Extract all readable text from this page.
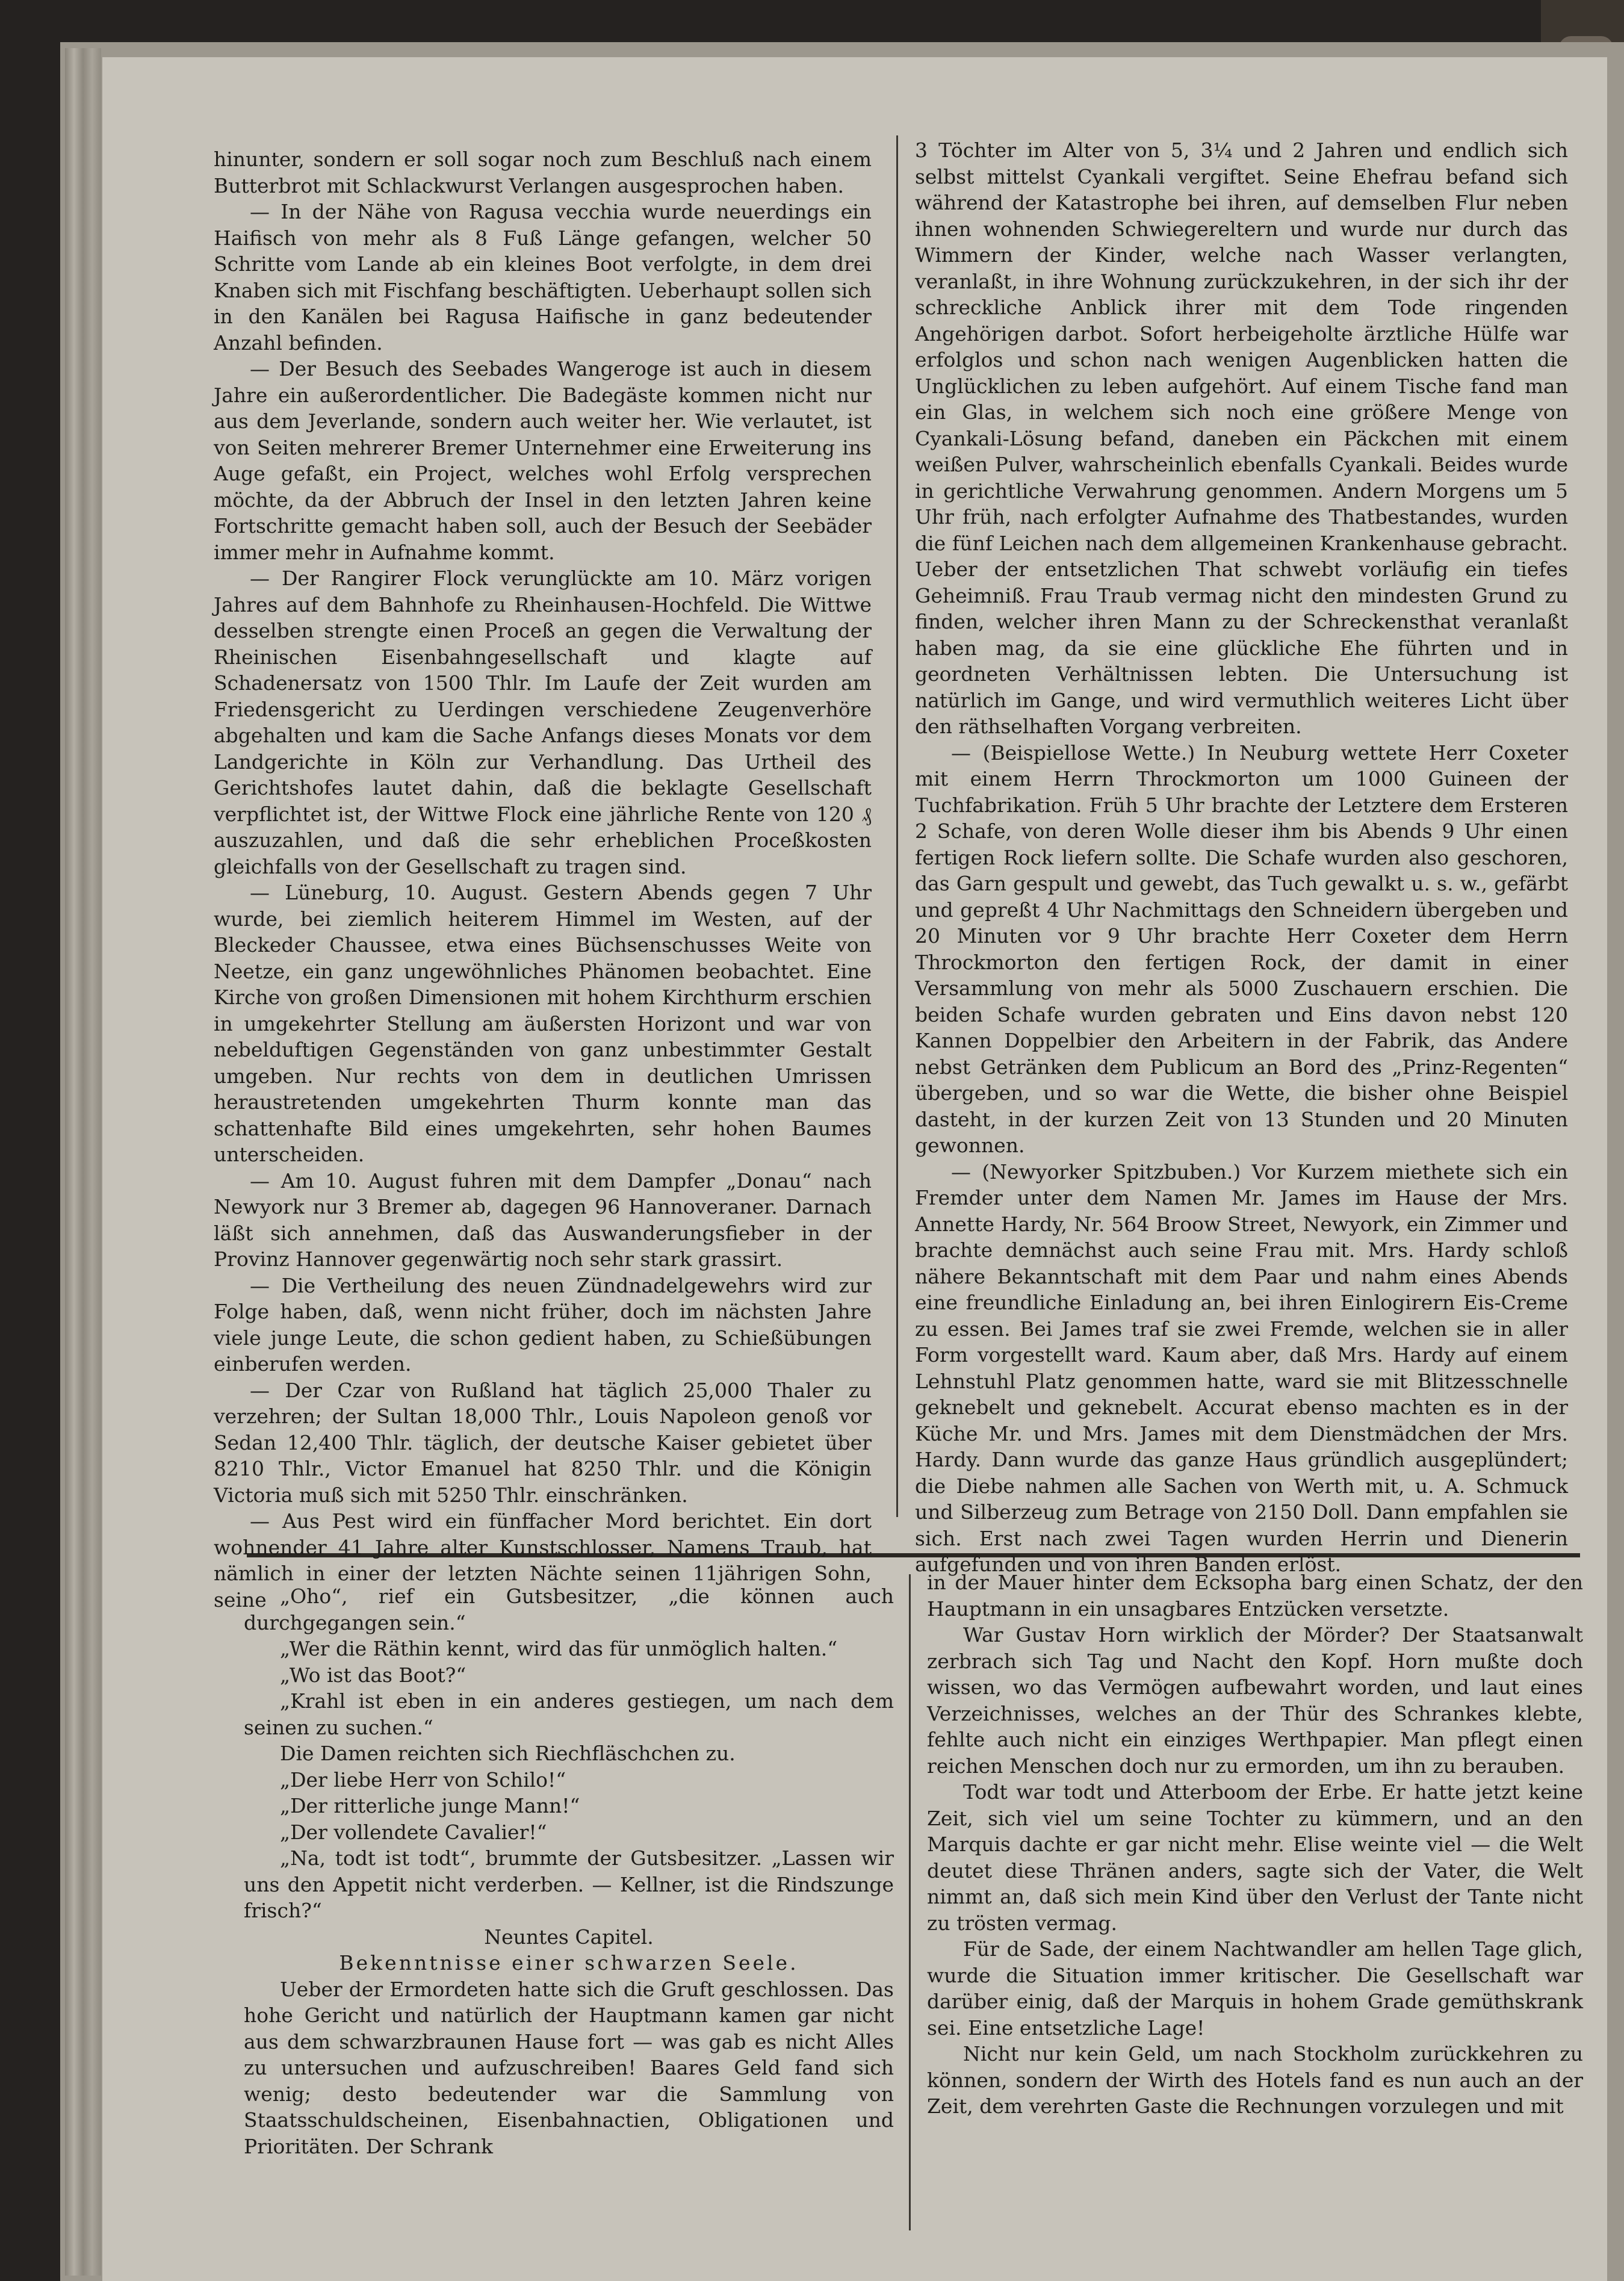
hinunter, sondern er soll sogar noch zum Beschluß nach einem Butterbrot mit Schlackwurst Verlangen ausgesprochen haben.

— In der Nähe von Ragusa vecchia wurde neuerdings ein Haifisch von mehr als 8 Fuß Länge gefangen, welcher 50 Schritte vom Lande ab ein kleines Boot verfolgte, in dem drei Knaben sich mit Fischfang beschäftigten. Ueberhaupt sollen sich in den Kanälen bei Ragusa Haifische in ganz bedeutender Anzahl befinden.

— Der Besuch des Seebades Wangeroge ist auch in diesem Jahre ein außerordentlicher. Die Badegäste kommen nicht nur aus dem Jeverlande, sondern auch weiter her. Wie verlautet, ist von Seiten mehrerer Bremer Unternehmer eine Erweiterung ins Auge gefaßt, ein Project, welches wohl Erfolg versprechen möchte, da der Abbruch der Insel in den letzten Jahren keine Fortschritte gemacht haben soll, auch der Besuch der Seebäder immer mehr in Aufnahme kommt.

— Der Rangirer Flock verunglückte am 10. März vorigen Jahres auf dem Bahnhofe zu Rheinhausen-Hochfeld. Die Wittwe desselben strengte einen Proceß an gegen die Verwaltung der Rheinischen Eisenbahngesellschaft und klagte auf Schadenersatz von 1500 Thlr. Im Laufe der Zeit wurden am Friedensgericht zu Uerdingen verschiedene Zeugenverhöre abgehalten und kam die Sache Anfangs dieses Monats vor dem Landgerichte in Köln zur Verhandlung. Das Urtheil des Gerichtshofes lautet dahin, daß die beklagte Gesellschaft verpflichtet ist, der Wittwe Flock eine jährliche Rente von 120 ₰ auszuzahlen, und daß die sehr erheblichen Proceßkosten gleichfalls von der Gesellschaft zu tragen sind.

— Lüneburg, 10. August. Gestern Abends gegen 7 Uhr wurde, bei ziemlich heiterem Himmel im Westen, auf der Bleckeder Chaussee, etwa eines Büchsenschusses Weite von Neetze, ein ganz ungewöhnliches Phänomen beobachtet. Eine Kirche von großen Dimensionen mit hohem Kirchthurm erschien in umgekehrter Stellung am äußersten Horizont und war von nebelduftigen Gegenständen von ganz unbestimmter Gestalt umgeben. Nur rechts von dem in deutlichen Umrissen heraustretenden umgekehrten Thurm konnte man das schattenhafte Bild eines umgekehrten, sehr hohen Baumes unterscheiden.

— Am 10. August fuhren mit dem Dampfer „Donau“ nach Newyork nur 3 Bremer ab, dagegen 96 Hannoveraner. Darnach läßt sich annehmen, daß das Auswanderungsfieber in der Provinz Hannover gegenwärtig noch sehr stark grassirt.

— Die Vertheilung des neuen Zündnadelgewehrs wird zur Folge haben, daß, wenn nicht früher, doch im nächsten Jahre viele junge Leute, die schon gedient haben, zu Schießübungen einberufen werden.

— Der Czar von Rußland hat täglich 25,000 Thaler zu verzehren; der Sultan 18,000 Thlr., Louis Napoleon genoß vor Sedan 12,400 Thlr. täglich, der deutsche Kaiser gebietet über 8210 Thlr., Victor Emanuel hat 8250 Thlr. und die Königin Victoria muß sich mit 5250 Thlr. einschränken.

— Aus Pest wird ein fünffacher Mord berichtet. Ein dort wohnender 41 Jahre alter Kunstschlosser, Namens Traub, hat nämlich in einer der letzten Nächte seinen 11jährigen Sohn, seine

3 Töchter im Alter von 5, 3¼ und 2 Jahren und endlich sich selbst mittelst Cyankali vergiftet. Seine Ehefrau befand sich während der Katastrophe bei ihren, auf demselben Flur neben ihnen wohnenden Schwiegereltern und wurde nur durch das Wimmern der Kinder, welche nach Wasser verlangten, veranlaßt, in ihre Wohnung zurückzukehren, in der sich ihr der schreckliche Anblick ihrer mit dem Tode ringenden Angehörigen darbot. Sofort herbeigeholte ärztliche Hülfe war erfolglos und schon nach wenigen Augenblicken hatten die Unglücklichen zu leben aufgehört. Auf einem Tische fand man ein Glas, in welchem sich noch eine größere Menge von Cyankali-Lösung befand, daneben ein Päckchen mit einem weißen Pulver, wahrscheinlich ebenfalls Cyankali. Beides wurde in gerichtliche Verwahrung genommen. Andern Morgens um 5 Uhr früh, nach erfolgter Aufnahme des Thatbestandes, wurden die fünf Leichen nach dem allgemeinen Krankenhause gebracht. Ueber der entsetzlichen That schwebt vorläufig ein tiefes Geheimniß. Frau Traub vermag nicht den mindesten Grund zu finden, welcher ihren Mann zu der Schreckensthat veranlaßt haben mag, da sie eine glückliche Ehe führten und in geordneten Verhältnissen lebten. Die Untersuchung ist natürlich im Gange, und wird vermuthlich weiteres Licht über den räthselhaften Vorgang verbreiten.

— (Beispiellose Wette.) In Neuburg wettete Herr Coxeter mit einem Herrn Throckmorton um 1000 Guineen der Tuchfabrikation. Früh 5 Uhr brachte der Letztere dem Ersteren 2 Schafe, von deren Wolle dieser ihm bis Abends 9 Uhr einen fertigen Rock liefern sollte. Die Schafe wurden also geschoren, das Garn gespult und gewebt, das Tuch gewalkt u. s. w., gefärbt und gepreßt 4 Uhr Nachmittags den Schneidern übergeben und 20 Minuten vor 9 Uhr brachte Herr Coxeter dem Herrn Throckmorton den fertigen Rock, der damit in einer Versammlung von mehr als 5000 Zuschauern erschien. Die beiden Schafe wurden gebraten und Eins davon nebst 120 Kannen Doppelbier den Arbeitern in der Fabrik, das Andere nebst Getränken dem Publicum an Bord des „Prinz-Regenten“ übergeben, und so war die Wette, die bisher ohne Beispiel dasteht, in der kurzen Zeit von 13 Stunden und 20 Minuten gewonnen.

— (Newyorker Spitzbuben.) Vor Kurzem miethete sich ein Fremder unter dem Namen Mr. James im Hause der Mrs. Annette Hardy, Nr. 564 Broow Street, Newyork, ein Zimmer und brachte demnächst auch seine Frau mit. Mrs. Hardy schloß nähere Bekanntschaft mit dem Paar und nahm eines Abends eine freundliche Einladung an, bei ihren Einlogirern Eis-Creme zu essen. Bei James traf sie zwei Fremde, welchen sie in aller Form vorgestellt ward. Kaum aber, daß Mrs. Hardy auf einem Lehnstuhl Platz genommen hatte, ward sie mit Blitzesschnelle geknebelt und geknebelt. Accurat ebenso machten es in der Küche Mr. und Mrs. James mit dem Dienstmädchen der Mrs. Hardy. Dann wurde das ganze Haus gründlich ausgeplündert; die Diebe nahmen alle Sachen von Werth mit, u. A. Schmuck und Silberzeug zum Betrage von 2150 Doll. Dann empfahlen sie sich. Erst nach zwei Tagen wurden Herrin und Dienerin aufgefunden und von ihren Banden erlöst.

„Oho“, rief ein Gutsbesitzer, „die können auch durchgegangen sein.“

„Wer die Räthin kennt, wird das für unmöglich halten.“

„Wo ist das Boot?“

„Krahl ist eben in ein anderes gestiegen, um nach dem seinen zu suchen.“

Die Damen reichten sich Riechfläschchen zu.

„Der liebe Herr von Schilo!“

„Der ritterliche junge Mann!“

„Der vollendete Cavalier!“

„Na, todt ist todt“, brummte der Gutsbesitzer. „Lassen wir uns den Appetit nicht verderben. — Kellner, ist die Rindszunge frisch?“

Neuntes Capitel.

Bekenntnisse einer schwarzen Seele.

Ueber der Ermordeten hatte sich die Gruft geschlossen. Das hohe Gericht und natürlich der Hauptmann kamen gar nicht aus dem schwarzbraunen Hause fort — was gab es nicht Alles zu untersuchen und aufzuschreiben! Baares Geld fand sich wenig; desto bedeutender war die Sammlung von Staatsschuldscheinen, Eisenbahnactien, Obligationen und Prioritäten. Der Schrank

in der Mauer hinter dem Ecksopha barg einen Schatz, der den Hauptmann in ein unsagbares Entzücken versetzte.

War Gustav Horn wirklich der Mörder? Der Staatsanwalt zerbrach sich Tag und Nacht den Kopf. Horn mußte doch wissen, wo das Vermögen aufbewahrt worden, und laut eines Verzeichnisses, welches an der Thür des Schrankes klebte, fehlte auch nicht ein einziges Werthpapier. Man pflegt einen reichen Menschen doch nur zu ermorden, um ihn zu berauben.

Todt war todt und Atterboom der Erbe. Er hatte jetzt keine Zeit, sich viel um seine Tochter zu kümmern, und an den Marquis dachte er gar nicht mehr. Elise weinte viel — die Welt deutet diese Thränen anders, sagte sich der Vater, die Welt nimmt an, daß sich mein Kind über den Verlust der Tante nicht zu trösten vermag.

Für de Sade, der einem Nachtwandler am hellen Tage glich, wurde die Situation immer kritischer. Die Gesellschaft war darüber einig, daß der Marquis in hohem Grade gemüthskrank sei. Eine entsetzliche Lage!

Nicht nur kein Geld, um nach Stockholm zurückkehren zu können, sondern der Wirth des Hotels fand es nun auch an der Zeit, dem verehrten Gaste die Rechnungen vorzulegen und mit
